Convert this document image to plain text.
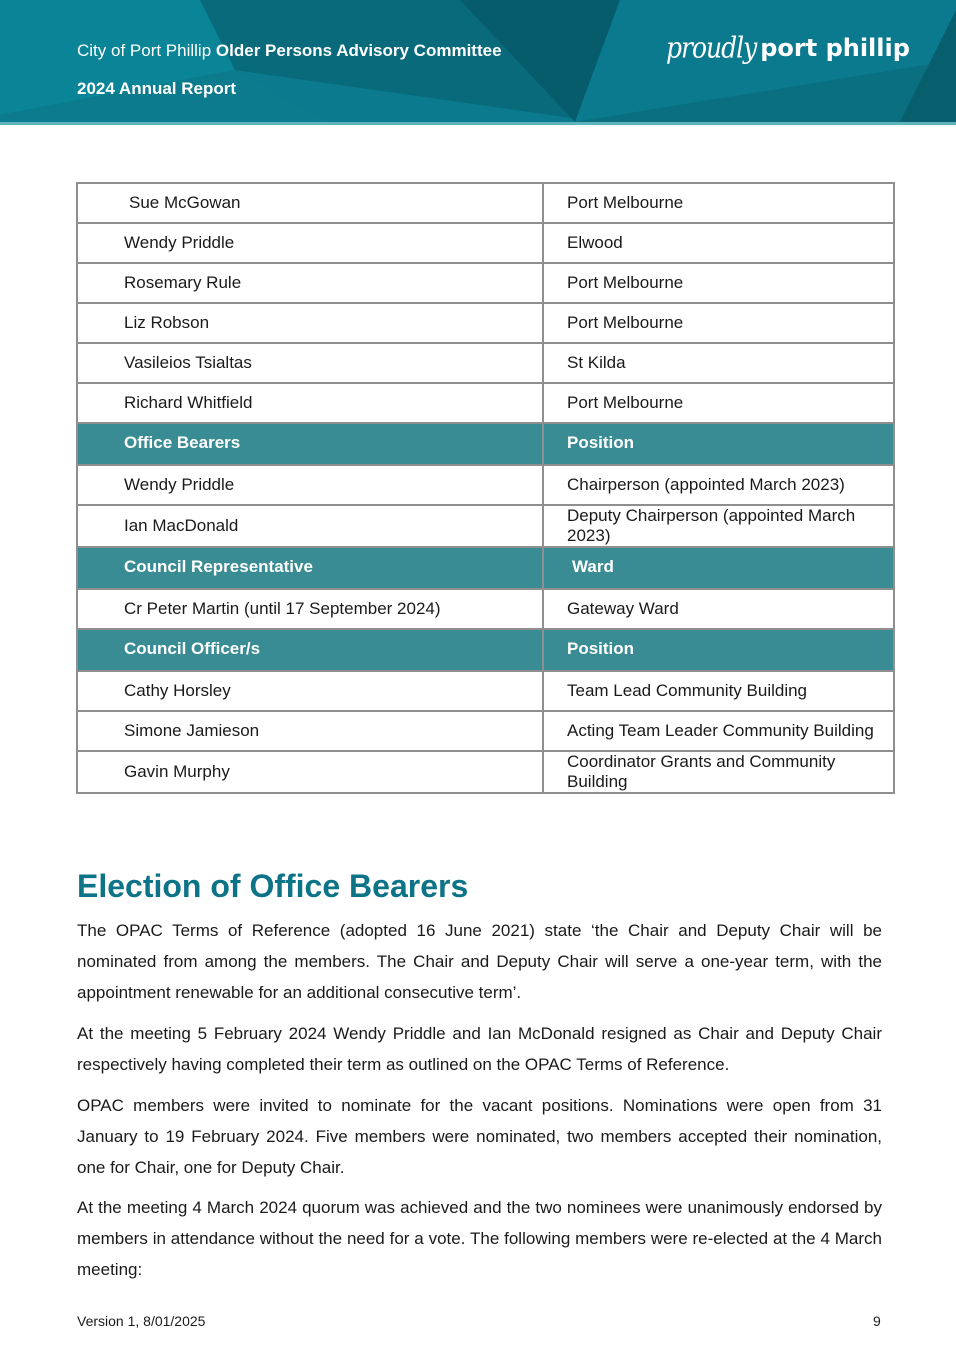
City of Port Phillip Older Persons Advisory Committee
2024 Annual Report
proudly port phillip
Sue McGowan	Port Melbourne
Wendy Priddle	Elwood
Rosemary Rule	Port Melbourne
Liz Robson	Port Melbourne
Vasileios Tsialtas	St Kilda
Richard Whitfield	Port Melbourne
Office Bearers	Position
Wendy Priddle	Chairperson (appointed March 2023)
Ian MacDonald	Deputy Chairperson (appointed March 2023)
Council Representative	Ward
Cr Peter Martin (until 17 September 2024)	Gateway Ward
Council Officer/s	Position
Cathy Horsley	Team Lead Community Building
Simone Jamieson	Acting Team Leader Community Building
Gavin Murphy	Coordinator Grants and Community Building
Election of Office Bearers

The OPAC Terms of Reference (adopted 16 June 2021) state ‘the Chair and Deputy Chair will be nominated from among the members. The Chair and Deputy Chair will serve a one-year term, with the appointment renewable for an additional consecutive term’.

At the meeting 5 February 2024 Wendy Priddle and Ian McDonald resigned as Chair and Deputy Chair respectively having completed their term as outlined on the OPAC Terms of Reference.

OPAC members were invited to nominate for the vacant positions. Nominations were open from 31 January to 19 February 2024. Five members were nominated, two members accepted their nomination, one for Chair, one for Deputy Chair.

At the meeting 4 March 2024 quorum was achieved and the two nominees were unanimously endorsed by members in attendance without the need for a vote. The following members were re-elected at the 4 March meeting:

Version 1, 8/01/2025	9
